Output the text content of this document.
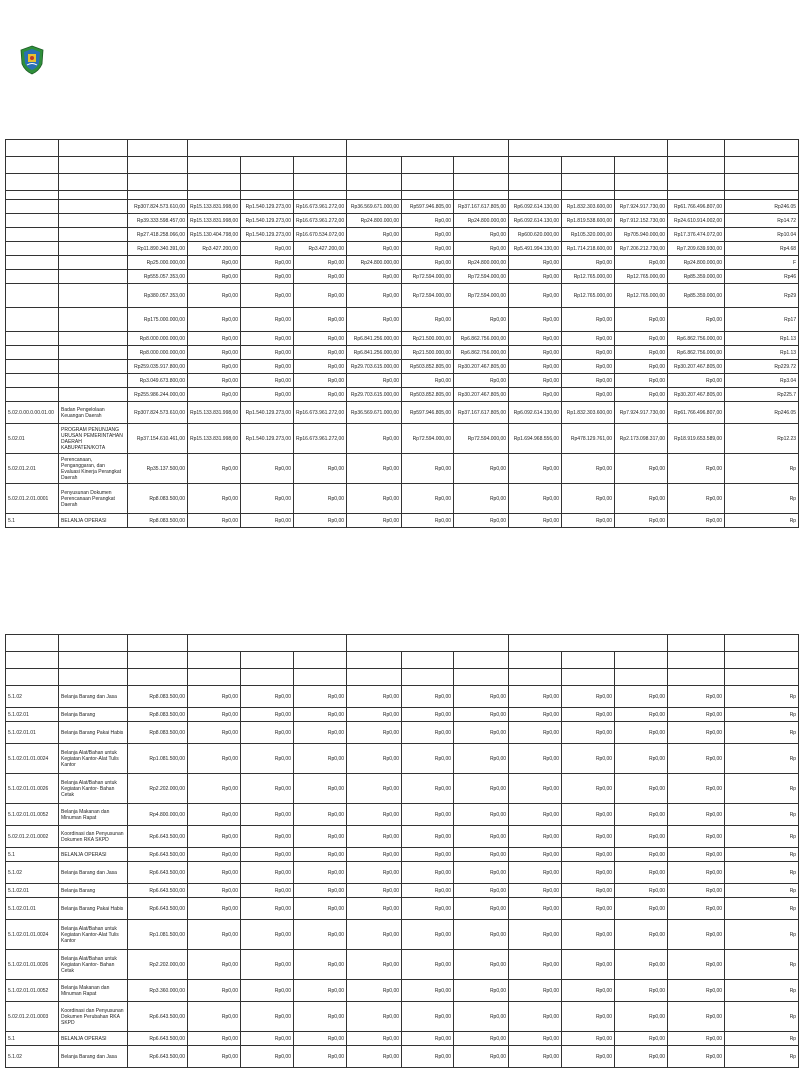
		Rp307.824.573.610,00	Rp15.133.831.998,00	Rp1.540.129.273,00	Rp16.673.961.272,00	Rp36.569.671.000,00	Rp597.946.805,00	Rp37.167.617.805,00	Rp6.092.614.130,00	Rp1.832.303.600,00	Rp7.924.917.730,00	Rp61.766.496.807,00	Rp246.05
		Rp39.333.598.457,00	Rp15.133.831.998,00	Rp1.540.129.273,00	Rp16.673.961.272,00	Rp24.800.000,00	Rp0,00	Rp24.800.000,00	Rp6.092.614.130,00	Rp1.819.538.600,00	Rp7.912.152.730,00	Rp24.610.914.002,00	Rp14.72
		Rp27.418.258.066,00	Rp15.130.404.798,00	Rp1.540.129.273,00	Rp16.670.534.072,00	Rp0,00	Rp0,00	Rp0,00	Rp600.620.000,00	Rp105.320.000,00	Rp705.940.000,00	Rp17.376.474.072,00	Rp10.04
		Rp11.890.340.391,00	Rp3.427.200,00	Rp0,00	Rp3.427.200,00	Rp0,00	Rp0,00	Rp0,00	Rp5.491.994.130,00	Rp1.714.218.600,00	Rp7.206.212.730,00	Rp7.209.639.930,00	Rp4.68
		Rp25.000.000,00	Rp0,00	Rp0,00	Rp0,00	Rp24.800.000,00	Rp0,00	Rp24.800.000,00	Rp0,00	Rp0,00	Rp0,00	Rp24.800.000,00	F
		Rp555.057.353,00	Rp0,00	Rp0,00	Rp0,00	Rp0,00	Rp72.594.000,00	Rp72.594.000,00	Rp0,00	Rp12.765.000,00	Rp12.765.000,00	Rp85.359.000,00	Rp46
		Rp380.057.353,00	Rp0,00	Rp0,00	Rp0,00	Rp0,00	Rp72.594.000,00	Rp72.594.000,00	Rp0,00	Rp12.765.000,00	Rp12.765.000,00	Rp85.359.000,00	Rp29
		Rp175.000.000,00	Rp0,00	Rp0,00	Rp0,00	Rp0,00	Rp0,00	Rp0,00	Rp0,00	Rp0,00	Rp0,00	Rp0,00	Rp17
		Rp8.000.000.000,00	Rp0,00	Rp0,00	Rp0,00	Rp6.841.256.000,00	Rp21.500.000,00	Rp6.862.756.000,00	Rp0,00	Rp0,00	Rp0,00	Rp6.862.756.000,00	Rp1.13
		Rp8.000.000.000,00	Rp0,00	Rp0,00	Rp0,00	Rp6.841.256.000,00	Rp21.500.000,00	Rp6.862.756.000,00	Rp0,00	Rp0,00	Rp0,00	Rp6.862.756.000,00	Rp1.13
		Rp259.035.917.800,00	Rp0,00	Rp0,00	Rp0,00	Rp29.703.615.000,00	Rp503.852.805,00	Rp30.207.467.805,00	Rp0,00	Rp0,00	Rp0,00	Rp30.207.467.805,00	Rp229.72
		Rp3.049.673.800,00	Rp0,00	Rp0,00	Rp0,00	Rp0,00	Rp0,00	Rp0,00	Rp0,00	Rp0,00	Rp0,00	Rp0,00	Rp3.04
		Rp255.986.244.000,00	Rp0,00	Rp0,00	Rp0,00	Rp29.703.615.000,00	Rp503.852.805,00	Rp30.207.467.805,00	Rp0,00	Rp0,00	Rp0,00	Rp30.207.467.805,00	Rp225.7
5.02.0.00.0.00.01.00	Badan Pengelolaan Keuangan Daerah	Rp307.824.573.610,00	Rp15.133.831.998,00	Rp1.540.129.273,00	Rp16.673.961.272,00	Rp36.569.671.000,00	Rp597.946.805,00	Rp37.167.617.805,00	Rp6.092.614.130,00	Rp1.832.303.600,00	Rp7.924.917.730,00	Rp61.766.496.807,00	Rp246.05
5.02.01	PROGRAM PENUNJANG URUSAN PEMERINTAHAN DAERAH KABUPATEN/KOTA	Rp37.154.610.461,00	Rp15.133.831.998,00	Rp1.540.129.273,00	Rp16.673.961.272,00	Rp0,00	Rp72.594.000,00	Rp72.594.000,00	Rp1.694.968.556,00	Rp478.129.761,00	Rp2.173.098.317,00	Rp18.919.653.589,00	Rp12.23
5.02.01.2.01	Perencanaan, Penganggaran, dan Evaluasi Kinerja Perangkat Daerah	Rp35.137.500,00	Rp0,00	Rp0,00	Rp0,00	Rp0,00	Rp0,00	Rp0,00	Rp0,00	Rp0,00	Rp0,00	Rp0,00	Rp
5.02.01.2.01.0001	Penyusunan Dokumen Perencanaan Perangkat Daerah	Rp8.083.500,00	Rp0,00	Rp0,00	Rp0,00	Rp0,00	Rp0,00	Rp0,00	Rp0,00	Rp0,00	Rp0,00	Rp0,00	Rp
5.1	BELANJA OPERASI	Rp8.083.500,00	Rp0,00	Rp0,00	Rp0,00	Rp0,00	Rp0,00	Rp0,00	Rp0,00	Rp0,00	Rp0,00	Rp0,00	Rp

5.1.02	Belanja Barang dan Jasa	Rp8.083.500,00	Rp0,00	Rp0,00	Rp0,00	Rp0,00	Rp0,00	Rp0,00	Rp0,00	Rp0,00	Rp0,00	Rp0,00	Rp
5.1.02.01	Belanja Barang	Rp8.083.500,00	Rp0,00	Rp0,00	Rp0,00	Rp0,00	Rp0,00	Rp0,00	Rp0,00	Rp0,00	Rp0,00	Rp0,00	Rp
5.1.02.01.01	Belanja Barang Pakai Habis	Rp8.083.500,00	Rp0,00	Rp0,00	Rp0,00	Rp0,00	Rp0,00	Rp0,00	Rp0,00	Rp0,00	Rp0,00	Rp0,00	Rp
5.1.02.01.01.0024	Belanja Alat/Bahan untuk Kegiatan Kantor-Alat Tulis Kantor	Rp1.081.500,00	Rp0,00	Rp0,00	Rp0,00	Rp0,00	Rp0,00	Rp0,00	Rp0,00	Rp0,00	Rp0,00	Rp0,00	Rp
5.1.02.01.01.0026	Belanja Alat/Bahan untuk Kegiatan Kantor- Bahan Cetak	Rp2.202.000,00	Rp0,00	Rp0,00	Rp0,00	Rp0,00	Rp0,00	Rp0,00	Rp0,00	Rp0,00	Rp0,00	Rp0,00	Rp
5.1.02.01.01.0052	Belanja Makanan dan Minuman Rapat	Rp4.800.000,00	Rp0,00	Rp0,00	Rp0,00	Rp0,00	Rp0,00	Rp0,00	Rp0,00	Rp0,00	Rp0,00	Rp0,00	Rp
5.02.01.2.01.0002	Koordinasi dan Penyusunan Dokumen RKA SKPD	Rp6.643.500,00	Rp0,00	Rp0,00	Rp0,00	Rp0,00	Rp0,00	Rp0,00	Rp0,00	Rp0,00	Rp0,00	Rp0,00	Rp
5.1	BELANJA OPERASI	Rp6.643.500,00	Rp0,00	Rp0,00	Rp0,00	Rp0,00	Rp0,00	Rp0,00	Rp0,00	Rp0,00	Rp0,00	Rp0,00	Rp
5.1.02	Belanja Barang dan Jasa	Rp6.643.500,00	Rp0,00	Rp0,00	Rp0,00	Rp0,00	Rp0,00	Rp0,00	Rp0,00	Rp0,00	Rp0,00	Rp0,00	Rp
5.1.02.01	Belanja Barang	Rp6.643.500,00	Rp0,00	Rp0,00	Rp0,00	Rp0,00	Rp0,00	Rp0,00	Rp0,00	Rp0,00	Rp0,00	Rp0,00	Rp
5.1.02.01.01	Belanja Barang Pakai Habis	Rp6.643.500,00	Rp0,00	Rp0,00	Rp0,00	Rp0,00	Rp0,00	Rp0,00	Rp0,00	Rp0,00	Rp0,00	Rp0,00	Rp
5.1.02.01.01.0024	Belanja Alat/Bahan untuk Kegiatan Kantor-Alat Tulis Kantor	Rp1.081.500,00	Rp0,00	Rp0,00	Rp0,00	Rp0,00	Rp0,00	Rp0,00	Rp0,00	Rp0,00	Rp0,00	Rp0,00	Rp
5.1.02.01.01.0026	Belanja Alat/Bahan untuk Kegiatan Kantor- Bahan Cetak	Rp2.202.000,00	Rp0,00	Rp0,00	Rp0,00	Rp0,00	Rp0,00	Rp0,00	Rp0,00	Rp0,00	Rp0,00	Rp0,00	Rp
5.1.02.01.01.0052	Belanja Makanan dan Minuman Rapat	Rp3.360.000,00	Rp0,00	Rp0,00	Rp0,00	Rp0,00	Rp0,00	Rp0,00	Rp0,00	Rp0,00	Rp0,00	Rp0,00	Rp
5.02.01.2.01.0003	Koordinasi dan Penyusunan Dokumen Perubahan RKA SKPD	Rp6.643.500,00	Rp0,00	Rp0,00	Rp0,00	Rp0,00	Rp0,00	Rp0,00	Rp0,00	Rp0,00	Rp0,00	Rp0,00	Rp
5.1	BELANJA OPERASI	Rp6.643.500,00	Rp0,00	Rp0,00	Rp0,00	Rp0,00	Rp0,00	Rp0,00	Rp0,00	Rp0,00	Rp0,00	Rp0,00	Rp
5.1.02	Belanja Barang dan Jasa	Rp6.643.500,00	Rp0,00	Rp0,00	Rp0,00	Rp0,00	Rp0,00	Rp0,00	Rp0,00	Rp0,00	Rp0,00	Rp0,00	Rp
